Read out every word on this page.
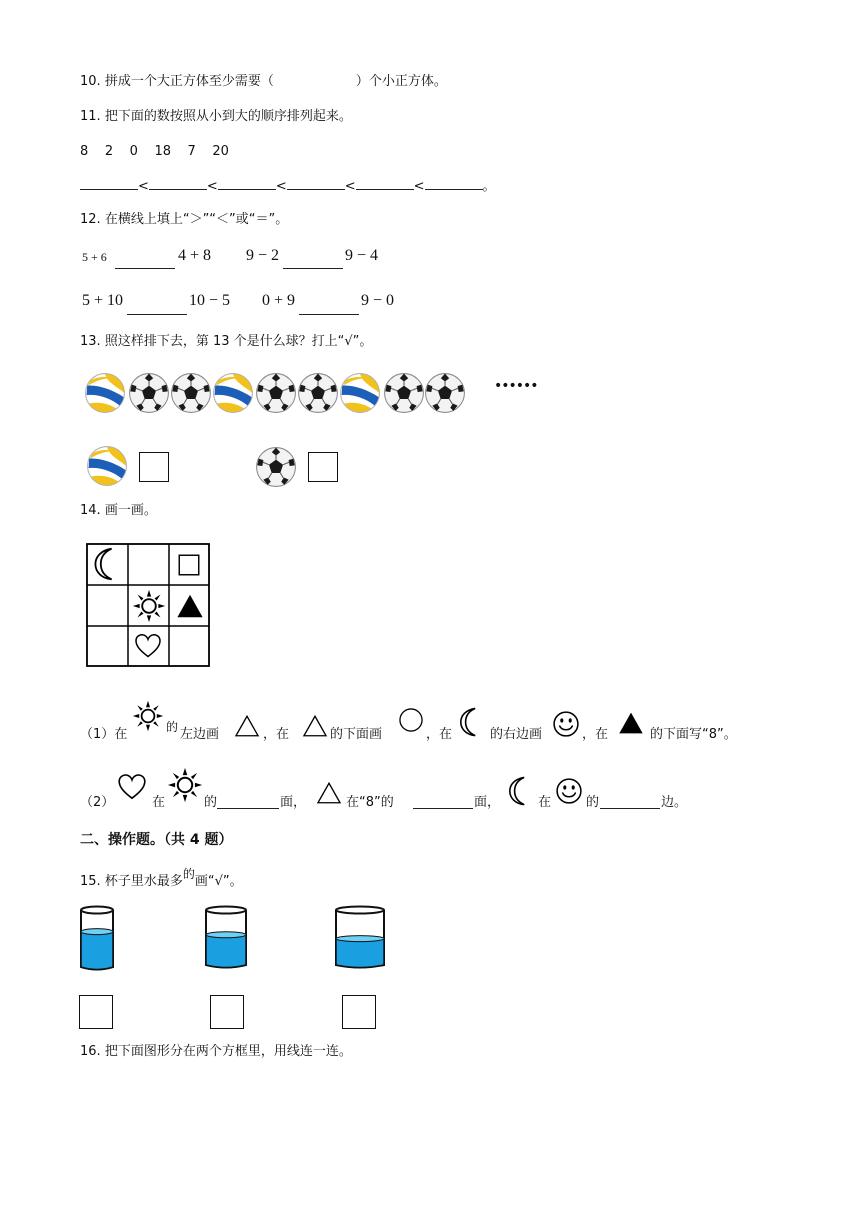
10. 拼成一个大正方体至少需要（	）个小正方体。
11. 把下面的数按照从小到大的顺序排列起来。
8 2 0 18 7 20
<	<	<	<	<	。
12. 在横线上填上“＞”“＜”或“＝”。
5 + 6	4 + 8 9 − 2	9 − 4
5 + 10	10 − 5 0 + 9	9 − 0
13. 照这样排下去，第 13 个是什么球？打上“√”。
••••••
14. 画一画。
（1）在	的 左边画	，在	的下面画	，在	的右边画	，在	的下面写“8”。
（2）	在	的	面，	在“8”的	面，	在	的	边。
二、操作题。（共 4 题）
15. 杯子里水最多的画“√”。
16. 把下面图形分在两个方框里，用线连一连。
